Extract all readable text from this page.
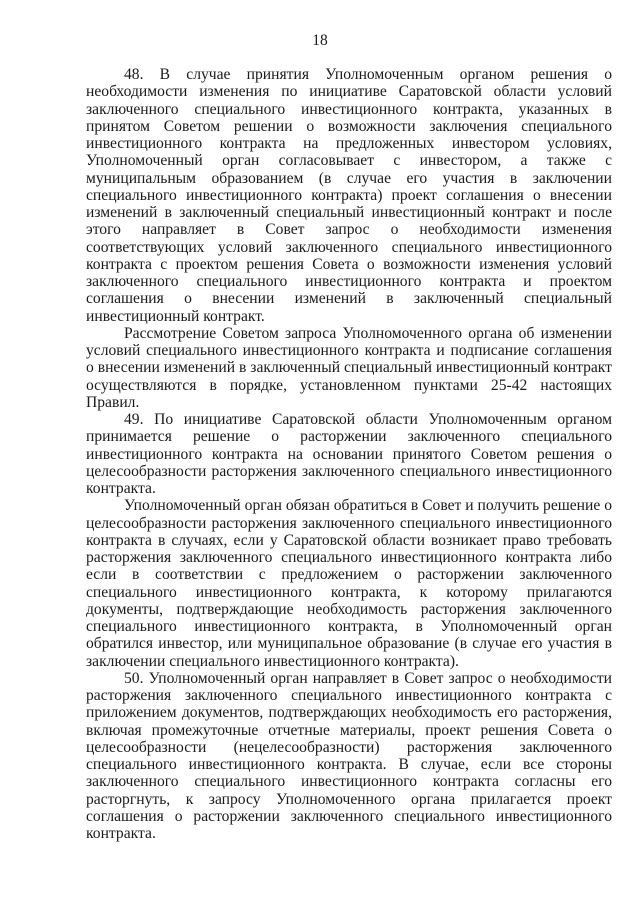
18

48. В случае принятия Уполномоченным органом решения о необходимости изменения по инициативе Саратовской области условий заключенного специального инвестиционного контракта, указанных в принятом Советом решении о возможности заключения специального инвестиционного контракта на предложенных инвестором условиях, Уполномоченный орган согласовывает с инвестором, а также с муниципальным образованием (в случае его участия в заключении специального инвестиционного контракта) проект соглашения о внесении изменений в заключенный специальный инвестиционный контракт и после этого направляет в Совет запрос о необходимости изменения соответствующих условий заключенного специального инвестиционного контракта с проектом решения Совета о возможности изменения условий заключенного специального инвестиционного контракта и проектом соглашения о внесении изменений в заключенный специальный инвестиционный контракт.

Рассмотрение Советом запроса Уполномоченного органа об изменении условий специального инвестиционного контракта и подписание соглашения о внесении изменений в заключенный специальный инвестиционный контракт осуществляются в порядке, установленном пунктами 25-42 настоящих Правил.

49. По инициативе Саратовской области Уполномоченным органом принимается решение о расторжении заключенного специального инвестиционного контракта на основании принятого Советом решения о целесообразности расторжения заключенного специального инвестиционного контракта.

Уполномоченный орган обязан обратиться в Совет и получить решение о целесообразности расторжения заключенного специального инвестиционного контракта в случаях, если у Саратовской области возникает право требовать расторжения заключенного специального инвестиционного контракта либо если в соответствии с предложением о расторжении заключенного специального инвестиционного контракта, к которому прилагаются документы, подтверждающие необходимость расторжения заключенного специального инвестиционного контракта, в Уполномоченный орган обратился инвестор, или муниципальное образование (в случае его участия в заключении специального инвестиционного контракта).

50. Уполномоченный орган направляет в Совет запрос о необходимости расторжения заключенного специального инвестиционного контракта с приложением документов, подтверждающих необходимость его расторжения, включая промежуточные отчетные материалы, проект решения Совета о целесообразности (нецелесообразности) расторжения заключенного специального инвестиционного контракта. В случае, если все стороны заключенного специального инвестиционного контракта согласны его расторгнуть, к запросу Уполномоченного органа прилагается проект соглашения о расторжении заключенного специального инвестиционного контракта.
